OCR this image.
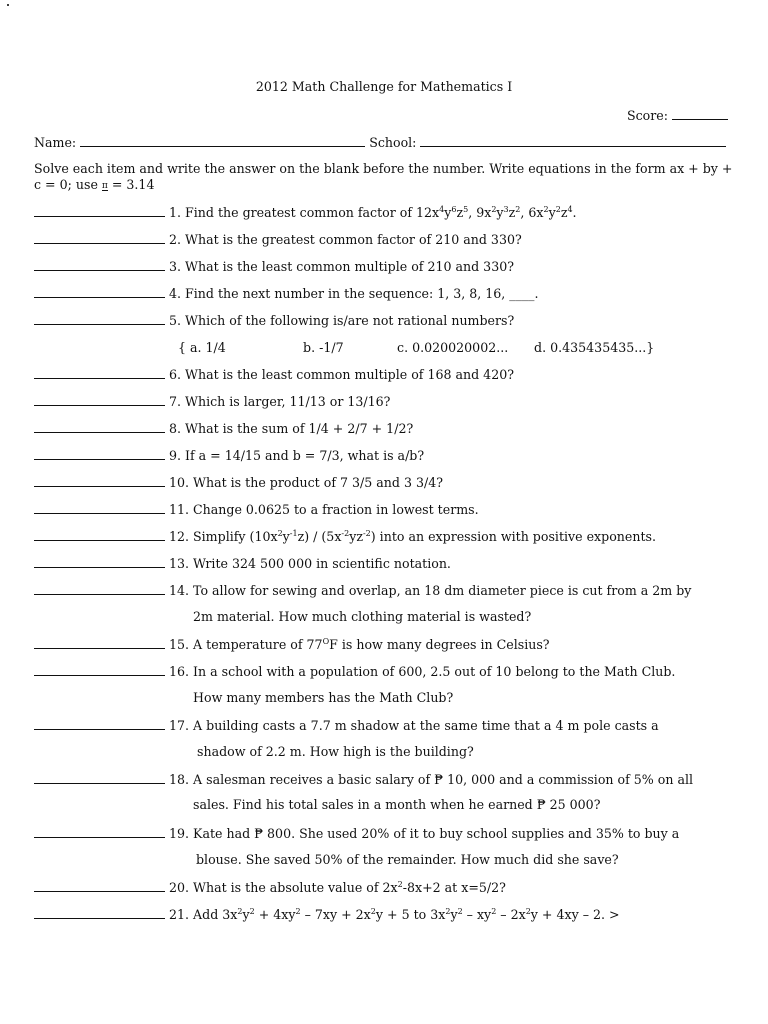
2012 Math Challenge for Mathematics I
Score:
Name:	School:
Solve each item and write the answer on the blank before the number. Write equations in the form ax + by + c = 0; use π = 3.14
1. Find the greatest common factor of $12x^4y^6z^5$, $9x^2y^3z^2$, $6x^2y^2z^4$.
2. What is the greatest common factor of 210 and 330?
3. What is the least common multiple of 210 and 330?
4. Find the next number in the sequence: 1, 3, 8, 16, ____.
5. Which of the following is/are not rational numbers?
{ a. 1/4	b. -1/7	c. 0.020020002... d. 0.435435435...}
6. What is the least common multiple of 168 and 420?
7. Which is larger, 11/13 or 13/16?
8. What is the sum of 1/4 + 2/7 + 1/2?
9. If a = 14/15 and b = 7/3, what is a/b?
10. What is the product of 7 3/5 and 3 3/4?
11. Change 0.0625 to a fraction in lowest terms.
12. Simplify $(10x^2y^{-1}z) / (5x^{-2}yz^{-2})$ into an expression with positive exponents.
13. Write 324 500 000 in scientific notation.
14. To allow for sewing and overlap, an 18 dm diameter piece is cut from a 2m by
2m material. How much clothing material is wasted?
15. A temperature of $77^OF$ is how many degrees in Celsius?
16. In a school with a population of 600, 2.5 out of 10 belong to the Math Club.
How many members has the Math Club?
17. A building casts a 7.7 m shadow at the same time that a 4 m pole casts a
shadow of 2.2 m. How high is the building?
18. A salesman receives a basic salary of ₱ 10, 000 and a commission of 5% on all
sales. Find his total sales in a month when he earned ₱ 25 000?
19. Kate had ₱ 800. She used 20% of it to buy school supplies and 35% to buy a
blouse. She saved 50% of the remainder. How much did she save?
20. What is the absolute value of $2x^2-8x+2$ at x=5/2?
21. Add $3x^2y^2 + 4xy^2 - 7xy + 2x^2y + 5$ to $3x^2y^2 - xy^2 - 2x^2y + 4xy - 2$. >
